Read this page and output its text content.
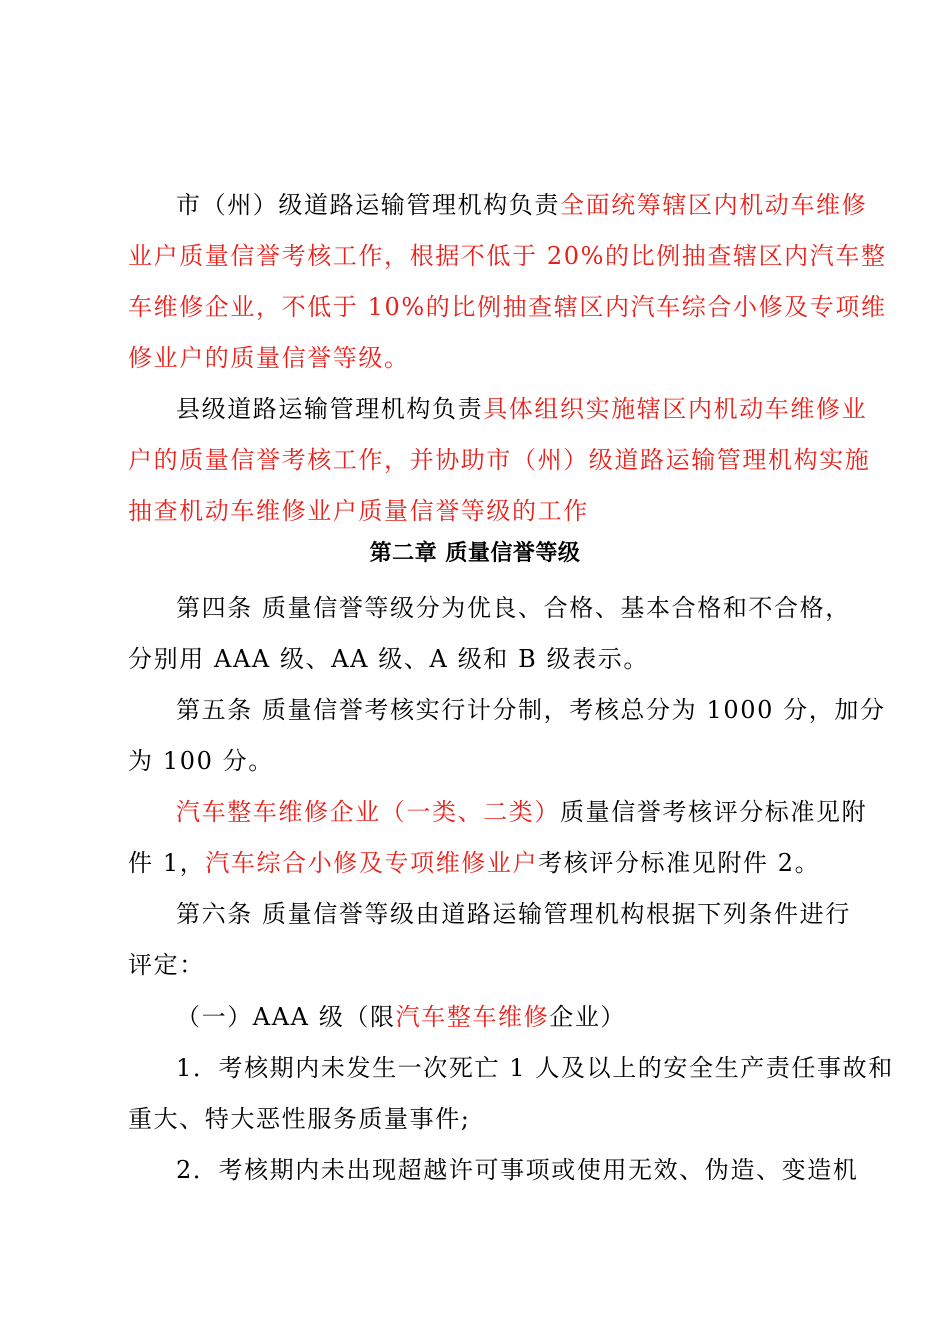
市（州）级道路运输管理机构负责全面统筹辖区内机动车维修
业户质量信誉考核工作，根据不低于 20%的比例抽查辖区内汽车整
车维修企业，不低于 10%的比例抽查辖区内汽车综合小修及专项维
修业户的质量信誉等级。
县级道路运输管理机构负责具体组织实施辖区内机动车维修业
户的质量信誉考核工作，并协助市（州）级道路运输管理机构实施
抽查机动车维修业户质量信誉等级的工作
第二章 质量信誉等级
第四条 质量信誉等级分为优良、合格、基本合格和不合格，
分别用 AAA 级、AA 级、A 级和 B 级表示。
第五条 质量信誉考核实行计分制，考核总分为 1000 分，加分
为 100 分。
汽车整车维修企业（一类、二类）质量信誉考核评分标准见附
件 1，汽车综合小修及专项维修业户考核评分标准见附件 2。
第六条 质量信誉等级由道路运输管理机构根据下列条件进行
评定：
（一）AAA 级（限汽车整车维修企业）
1．考核期内未发生一次死亡 1 人及以上的安全生产责任事故和
重大、特大恶性服务质量事件;
2．考核期内未出现超越许可事项或使用无效、伪造、变造机
